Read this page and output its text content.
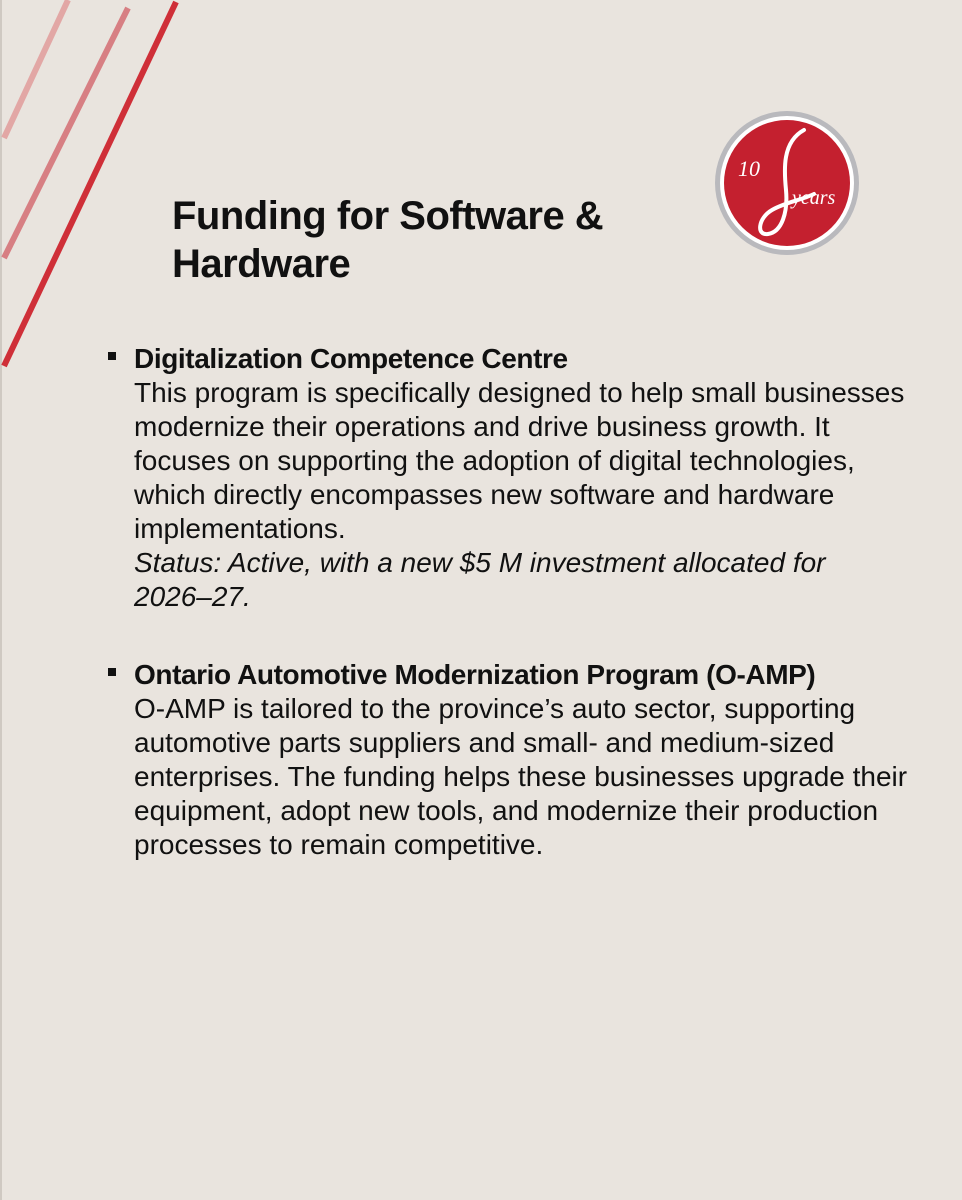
10
years
Funding for Software & Hardware

Digitalization Competence Centre

This program is specifically designed to help small businesses modernize their operations and drive business growth. It focuses on supporting the adoption of digital technologies, which directly encompasses new software and hardware implementations.

Status: Active, with a new $5 M investment allocated for 2026–27.

Ontario Automotive Modernization Program (O-AMP)

O-AMP is tailored to the province’s auto sector, supporting automotive parts suppliers and small- and medium-sized enterprises. The funding helps these businesses upgrade their equipment, adopt new tools, and modernize their production processes to remain competitive.
